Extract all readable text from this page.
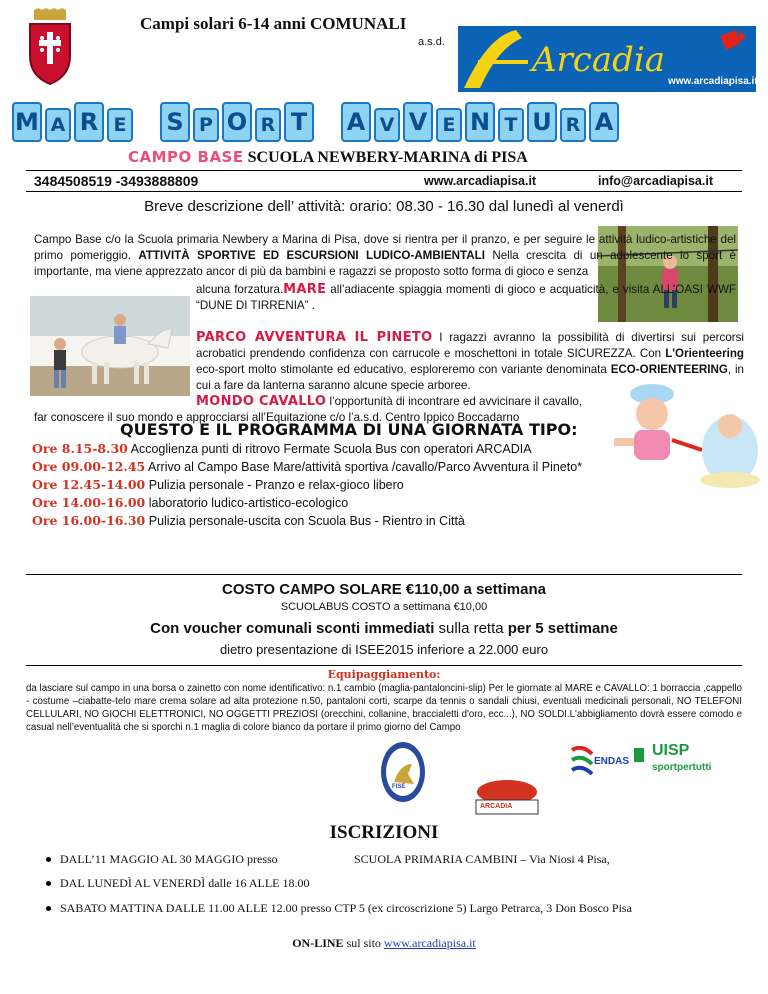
Campi solari 6-14 anni COMUNALI
a.s.d.	Arcadia
www.arcadiapisa.it
M A R E S P O R T A V V E N T U R A
CAMPO BASE SCUOLA NEWBERY-MARINA di PISA
3484508519 -3493888809	www.arcadiapisa.it	info@arcadiapisa.it
Breve descrizione dell’ attività: orario: 08.30 - 16.30 dal lunedì al venerdì
Campo Base c/o la Scuola primaria Newbery a Marina di Pisa, dove si rientra per il pranzo, e per seguire le attività ludico-artistiche del primo pomeriggio. ATTIVITÀ SPORTIVE ED ESCURSIONI LUDICO-AMBIENTALI Nella crescita di un adolescente lo sport è importante, ma viene apprezzato ancor di più da bambini e ragazzi se proposto sotto forma di gioco e senza
alcuna forzatura.MARE all’adiacente spiaggia momenti di gioco e acquaticità, e visita ALL’OASI WWF “DUNE DI TIRRENIA” .
PARCO AVVENTURA IL PINETO I ragazzi avranno la possibilità di divertirsi sui percorsi acrobatici prendendo confidenza con carrucole e moschettoni in totale SICUREZZA. Con L'Orienteering eco-sport molto stimolante ed educativo, esploreremo con variante denominata ECO-ORIENTEERING, in cui a fare da lanterna saranno alcune specie arboree.
MONDO CAVALLO l’opportunità di incontrare ed avvicinare il cavallo,
far conoscere il suo mondo e approcciarsi all’Equitazione c/o l’a.s.d. Centro Ippico Boccadarno
QUESTO È IL PROGRAMMA DI UNA GIORNATA TIPO:
Ore 8.15-8.30 Accoglienza punti di ritrovo Fermate Scuola Bus con operatori ARCADIA
Ore 09.00-12.45 Arrivo al Campo Base Mare/attività sportiva /cavallo/Parco Avventura il Pineto*
Ore 12.45-14.00 Pulizia personale - Pranzo e relax-gioco libero
Ore 14.00-16.00 laboratorio ludico-artistico-ecologico
Ore 16.00-16.30 Pulizia personale-uscita con Scuola Bus - Rientro in Città
COSTO CAMPO SOLARE €110,00 a settimana
SCUOLABUS COSTO a settimana €10,00
Con voucher comunali sconti immediati sulla retta per 5 settimane
dietro presentazione di ISEE2015 inferiore a 22.000 euro
Equipaggiamento:
da lasciare sul campo in una borsa o zainetto con nome identificativo: n.1 cambio (maglia-pantaloncini-slip) Per le giornate al MARE e CAVALLO: 1 borraccia ,cappello - costume –ciabatte-telo mare crema solare ad alta protezione n.50, pantaloni corti, scarpe da tennis o sandali chiusi, eventuali medicinali personali, NO TELEFONI CELLULARI, NO GIOCHI ELETTRONICI, NO OGGETTI PREZIOSI (orecchini, collanine, braccialetti d'oro, ecc...), NO SOLDI.L'abbigliamento dovrà essere comodo e casual nell’eventualità che si sporchi n.1 maglia di colore bianco da portare il primo giorno del Campo
FISE
ARCADIA
ENDAS
UISP
sportpertutti
ISCRIZIONI
DALL’11 MAGGIO AL 30 MAGGIO presso	SCUOLA PRIMARIA CAMBINI – Via Niosi 4 Pisa,
DAL LUNEDÌ AL VENERDÌ dalle 16 ALLE 18.00
SABATO MATTINA DALLE 11.00 ALLE 12.00 presso CTP 5 (ex circoscrizione 5) Largo Petrarca, 3 Don Bosco Pisa
ON-LINE sul sito www.arcadiapisa.it
